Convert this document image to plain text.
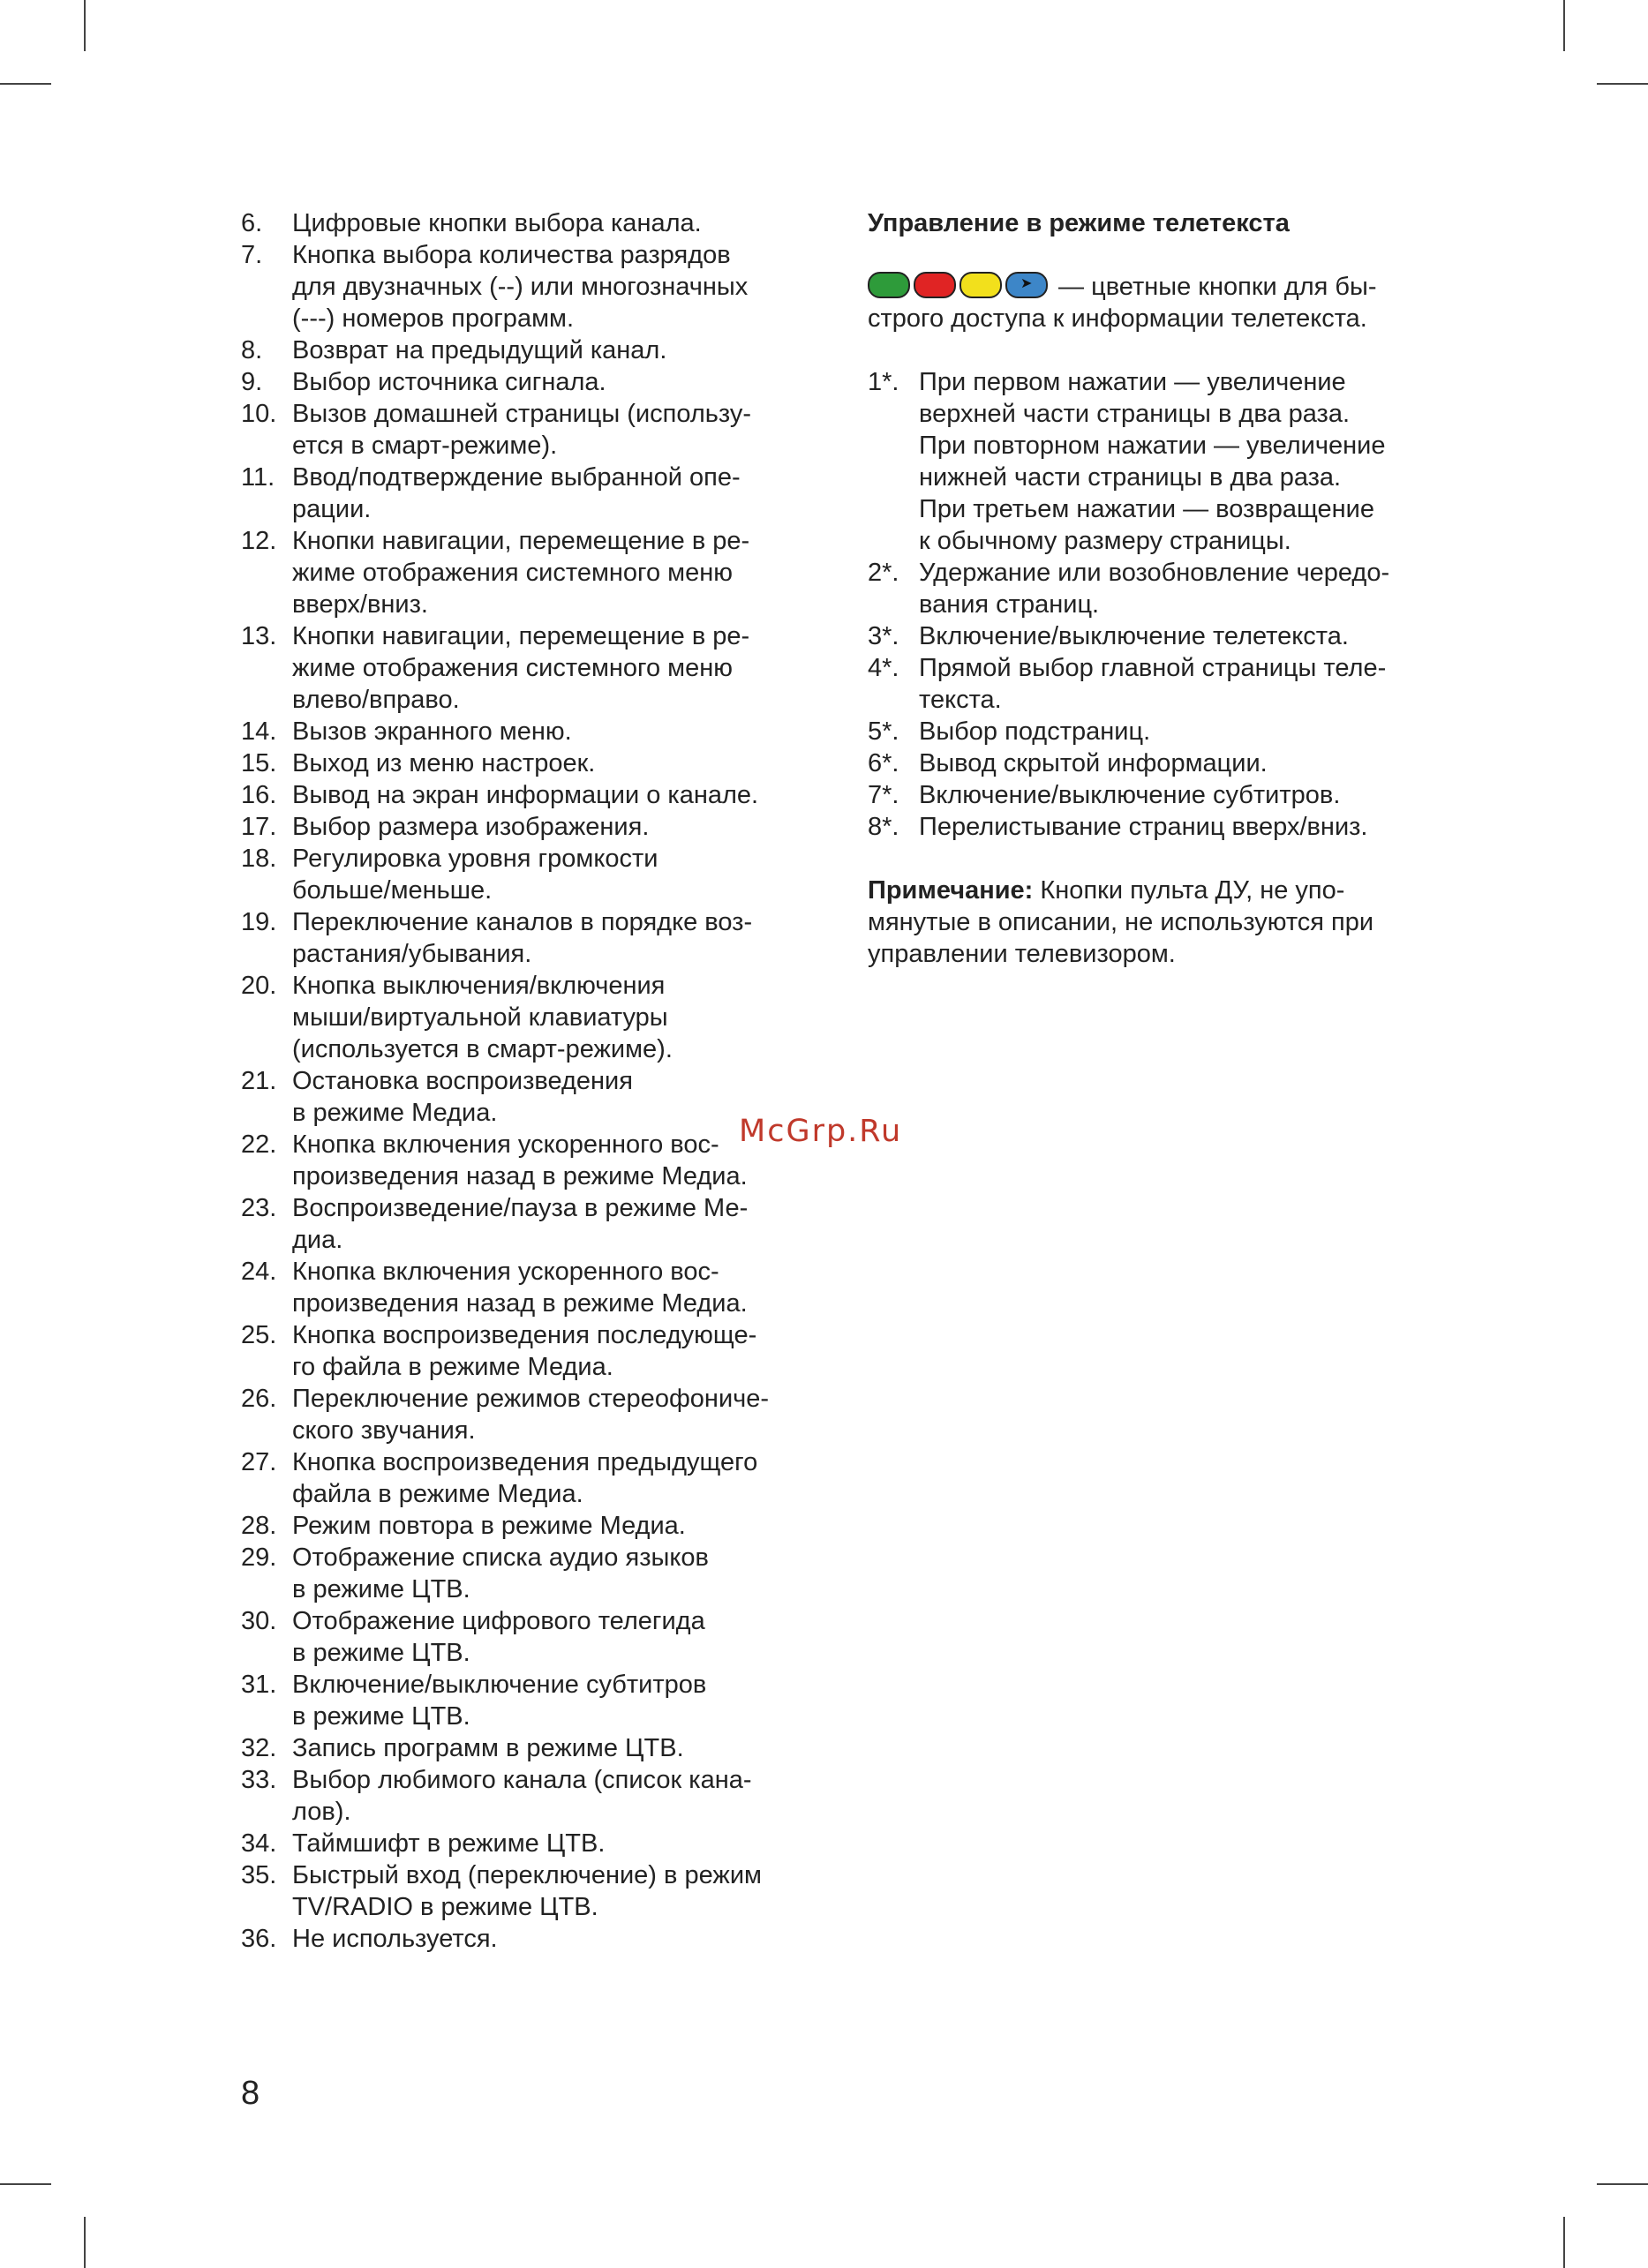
6.	Цифровые кнопки выбора канала.
7.	Кнопка выбора количества разрядов
для двузначных (--) или многозначных
(---) номеров программ.
8.	Возврат на предыдущий канал.
9.	Выбор источника сигнала.
10. Вызов домашней страницы (использу-
ется в смарт-режиме).
11. Ввод/подтверждение выбранной опе-
рации.
12. Кнопки навигации, перемещение в ре-
жиме отображения системного меню
вверх/вниз.
13. Кнопки навигации, перемещение в ре-
жиме отображения системного меню
влево/вправо.
14. Вызов экранного меню.
15. Выход из меню настроек.
16. Вывод на экран информации о канале.
17. Выбор размера изображения.
18. Регулировка уровня громкости
больше/меньше.
19. Переключение каналов в порядке воз-
растания/убывания.
20. Кнопка выключения/включения
мыши/виртуальной клавиатуры
(используется в смарт-режиме).
21. Остановка воспроизведения
в режиме Медиа.
22. Кнопка включения ускоренного вос-
произведения назад в режиме Медиа.
23. Воспроизведение/пауза в режиме Ме-
диа.
24. Кнопка включения ускоренного вос-
произведения назад в режиме Медиа.
25. Кнопка воспроизведения последующе-
го файла в режиме Медиа.
26. Переключение режимов стереофониче-
ского звучания.
27. Кнопка воспроизведения предыдущего
файла в режиме Медиа.
28. Режим повтора в режиме Медиа.
29. Отображение списка аудио языков
в режиме ЦТВ.
30. Отображение цифрового телегида
в режиме ЦТВ.
31. Включение/выключение субтитров
в режиме ЦТВ.
32. Запись программ в режиме ЦТВ.
33. Выбор любимого канала (список кана-
лов).
34. Таймшифт в режиме ЦТВ.
35. Быстрый вход (переключение) в режим
TV/RADIO в режиме ЦТВ.
36. Не используется.
Управление в режиме телетекста
➤ — цветные кнопки для бы-
строго доступа к информации телетекста.
1*. При первом нажатии — увеличение
верхней части страницы в два раза.
При повторном нажатии — увеличение
нижней части страницы в два раза.
При третьем нажатии — возвращение
к обычному размеру страницы.
2*. Удержание или возобновление чередо-
вания страниц.
3*. Включение/выключение телетекста.
4*. Прямой выбор главной страницы теле-
текста.
5*. Выбор подстраниц.
6*. Вывод скрытой информации.
7*. Включение/выключение субтитров.
8*. Перелистывание страниц вверх/вниз.
Примечание: Кнопки пульта ДУ, не упо-
мянутые в описании, не используются при
управлении телевизором.
McGrp.Ru
8
